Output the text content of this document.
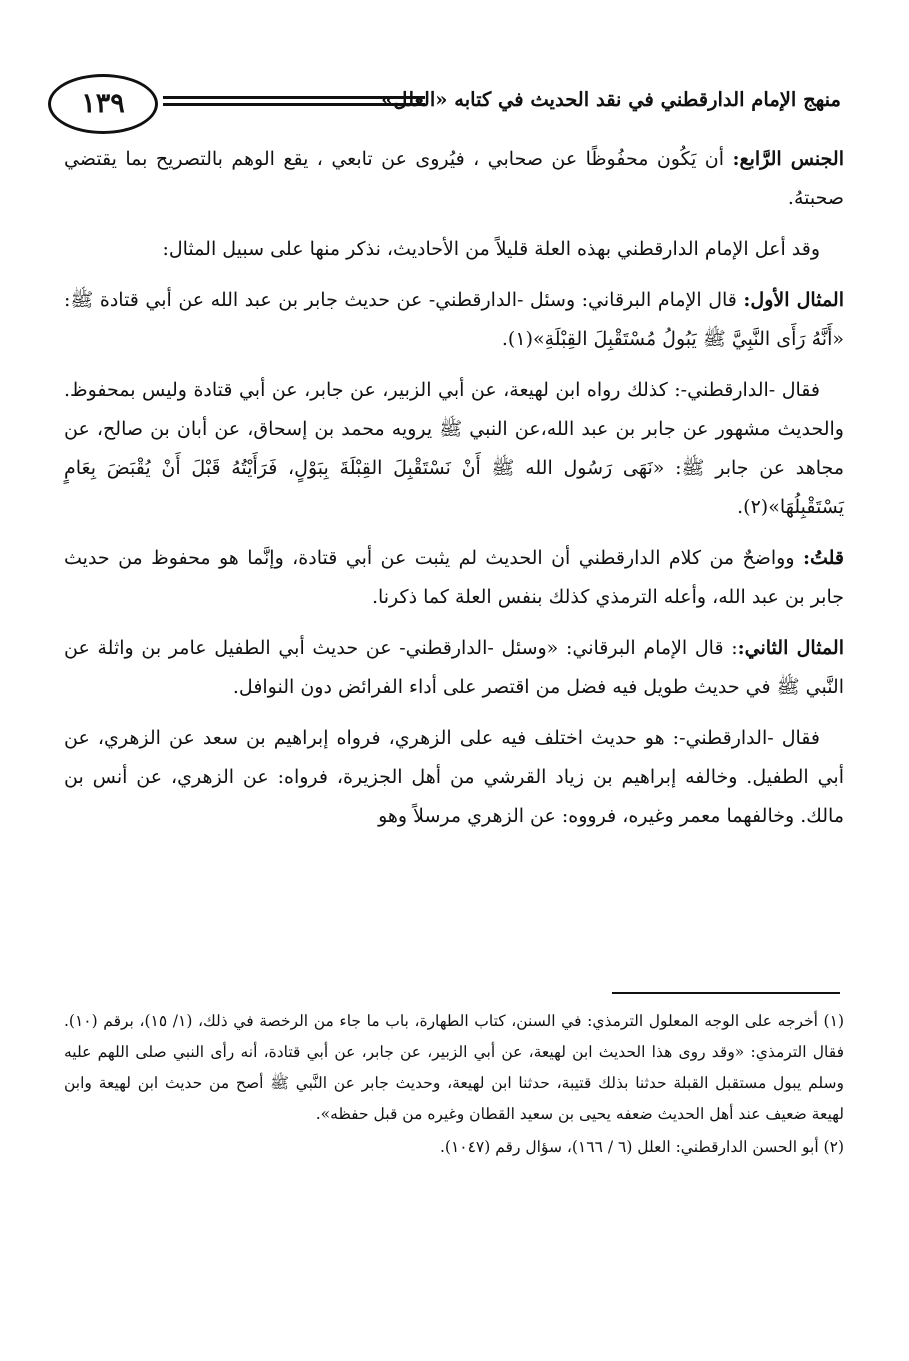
١٣٩	منهج الإمام الدارقطني في نقد الحديث في كتابه «العلل»

الجنس الرَّابع: أن يَكُون محفُوظًا عن صحابي ، فيُروى عن تابعي ، يقع الوهم بالتصريح بما يقتضي صحبتهُ.

وقد أعل الإمام الدارقطني بهذه العلة قليلاً من الأحاديث، نذكر منها على سبيل المثال:

المثال الأول: قال الإمام البرقاني: وسئل -الدارقطني- عن حديث جابر بن عبد الله عن أبي قتادة ﷺ: «أَنَّهُ رَأَى النَّبِيَّ ﷺ يَبُولُ مُسْتَقْبِلَ القِبْلَةِ»(١).

فقال -الدارقطني-: كذلك رواه ابن لهيعة، عن أبي الزبير، عن جابر، عن أبي قتادة وليس بمحفوظ. والحديث مشهور عن جابر بن عبد الله،عن النبي ﷺ يرويه محمد بن إسحاق، عن أبان بن صالح، عن مجاهد عن جابر ﷺ: «نَهَى رَسُول الله ﷺ أَنْ نَسْتَقْبِلَ القِبْلَةَ بِبَوْلٍ، فَرَأَيْتُهُ قَبْلَ أَنْ يُقْبَضَ بِعَامٍ يَسْتَقْبِلُهَا»(٢).

قلتُ: وواضحٌ من كلام الدارقطني أن الحديث لم يثبت عن أبي قتادة، وإنَّما هو محفوظ من حديث جابر بن عبد الله، وأعله الترمذي كذلك بنفس العلة كما ذكرنا.

المثال الثاني:: قال الإمام البرقاني: «وسئل -الدارقطني- عن حديث أبي الطفيل عامر بن واثلة عن النَّبي ﷺ في حديث طويل فيه فضل من اقتصر على أداء الفرائض دون النوافل.

فقال -الدارقطني-: هو حديث اختلف فيه على الزهري، فرواه إبراهيم بن سعد عن الزهري، عن أبي الطفيل. وخالفه إبراهيم بن زياد القرشي من أهل الجزيرة، فرواه: عن الزهري، عن أنس بن مالك. وخالفهما معمر وغيره، فرووه: عن الزهري مرسلاً وهو

(١) أخرجه على الوجه المعلول الترمذي: في السنن، كتاب الطهارة، باب ما جاء من الرخصة في ذلك، (١/ ١٥)، برقم (١٠). فقال الترمذي: «وقد روى هذا الحديث ابن لهيعة، عن أبي الزبير، عن جابر، عن أبي قتادة، أنه رأى النبي صلى اللهم عليه وسلم يبول مستقبل القبلة حدثنا بذلك قتيبة، حدثنا ابن لهيعة، وحديث جابر عن النَّبي ﷺ أصح من حديث ابن لهيعة وابن لهيعة ضعيف عند أهل الحديث ضعفه يحيى بن سعيد القطان وغيره من قبل حفظه».

(٢) أبو الحسن الدارقطني: العلل (٦ / ١٦٦)، سؤال رقم (١٠٤٧).
